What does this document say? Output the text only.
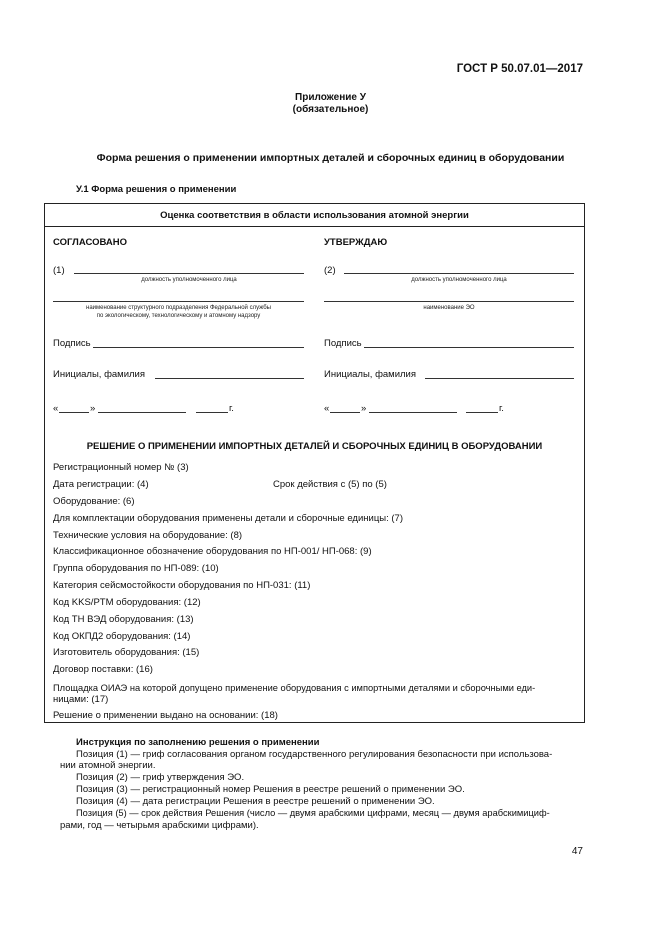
ГОСТ Р 50.07.01—2017
Приложение У
(обязательное)
Форма решения о применении импортных деталей и сборочных единиц в оборудовании
У.1 Форма решения о применении
Оценка соответствия в области использования атомной энергии
СОГЛАСОВАНО
(1)
должность уполномоченного лица
наименование структурного подразделения Федеральной службы
по экологическому, технологическому и атомному надзору
Подпись
Инициалы, фамилия
«	»	г.
УТВЕРЖДАЮ
(2)
должность уполномоченного лица
наименование ЭО
Подпись
Инициалы, фамилия
«	»	г.
РЕШЕНИЕ О ПРИМЕНЕНИИ ИМПОРТНЫХ ДЕТАЛЕЙ И СБОРОЧНЫХ ЕДИНИЦ В ОБОРУДОВАНИИ
Регистрационный номер № (3)
Дата регистрации: (4)	Срок действия с (5) по (5)
Оборудование: (6)
Для комплектации оборудования применены детали и сборочные единицы: (7)
Технические условия на оборудование: (8)
Классификационное обозначение оборудования по НП-001/ НП-068: (9)
Группа оборудования по НП-089: (10)
Категория сейсмостойкости оборудования по НП-031: (11)
Код KKS/PTM оборудования: (12)
Код ТН ВЭД оборудования: (13)
Код ОКПД2 оборудования: (14)
Изготовитель оборудования: (15)
Договор поставки: (16)
Площадка ОИАЭ на которой допущено применение оборудования с импортными деталями и сборочными еди-
ницами: (17)
Решение о применении выдано на основании: (18)
Инструкция по заполнению решения о применении
Позиция (1) — гриф согласования органом государственного регулирования безопасности при использова-
нии атомной энергии.
Позиция (2) — гриф утверждения ЭО.
Позиция (3) — регистрационный номер Решения в реестре решений о применении ЭО.
Позиция (4) — дата регистрации Решения в реестре решений о применении ЭО.
Позиция (5) — срок действия Решения (число — двумя арабскими цифрами, месяц — двумя арабскимициф-
рами, год — четырьмя арабскими цифрами).
47
